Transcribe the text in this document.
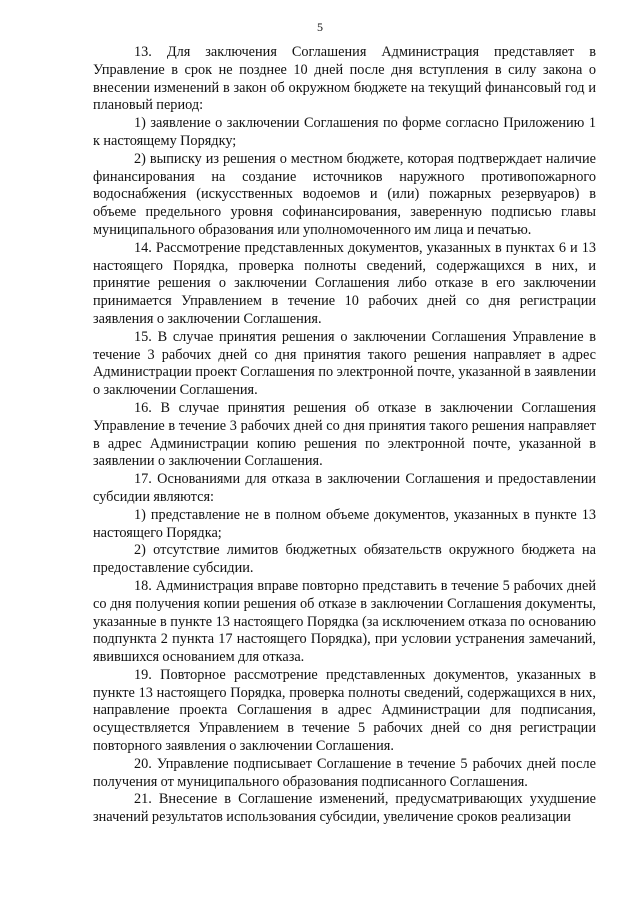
5

13. Для заключения Соглашения Администрация представляет в Управление в срок не позднее 10 дней после дня вступления в силу закона о внесении изменений в закон об окружном бюджете на текущий финансовый год и плановый период:

1) заявление о заключении Соглашения по форме согласно Приложению 1 к настоящему Порядку;

2) выписку из решения о местном бюджете, которая подтверждает наличие финансирования на создание источников наружного противопожарного водоснабжения (искусственных водоемов и (или) пожарных резервуаров) в объеме предельного уровня софинансирования, заверенную подписью главы муниципального образования или уполномоченного им лица и печатью.

14. Рассмотрение представленных документов, указанных в пунктах 6 и 13 настоящего Порядка, проверка полноты сведений, содержащихся в них, и принятие решения о заключении Соглашения либо отказе в его заключении принимается Управлением в течение 10 рабочих дней со дня регистрации заявления о заключении Соглашения.

15. В случае принятия решения о заключении Соглашения Управление в течение 3 рабочих дней со дня принятия такого решения направляет в адрес Администрации проект Соглашения по электронной почте, указанной в заявлении о заключении Соглашения.

16. В случае принятия решения об отказе в заключении Соглашения Управление в течение 3 рабочих дней со дня принятия такого решения направляет в адрес Администрации копию решения по электронной почте, указанной в заявлении о заключении Соглашения.

17. Основаниями для отказа в заключении Соглашения и предоставлении субсидии являются:

1) представление не в полном объеме документов, указанных в пункте 13 настоящего Порядка;

2) отсутствие лимитов бюджетных обязательств окружного бюджета на предоставление субсидии.

18. Администрация вправе повторно представить в течение 5 рабочих дней со дня получения копии решения об отказе в заключении Соглашения документы, указанные в пункте 13 настоящего Порядка (за исключением отказа по основанию подпункта 2 пункта 17 настоящего Порядка), при условии устранения замечаний, явившихся основанием для отказа.

19. Повторное рассмотрение представленных документов, указанных в пункте 13 настоящего Порядка, проверка полноты сведений, содержащихся в них, направление проекта Соглашения в адрес Администрации для подписания, осуществляется Управлением в течение 5 рабочих дней со дня регистрации повторного заявления о заключении Соглашения.

20. Управление подписывает Соглашение в течение 5 рабочих дней после получения от муниципального образования подписанного Соглашения.

21. Внесение в Соглашение изменений, предусматривающих ухудшение значений результатов использования субсидии, увеличение сроков реализации
